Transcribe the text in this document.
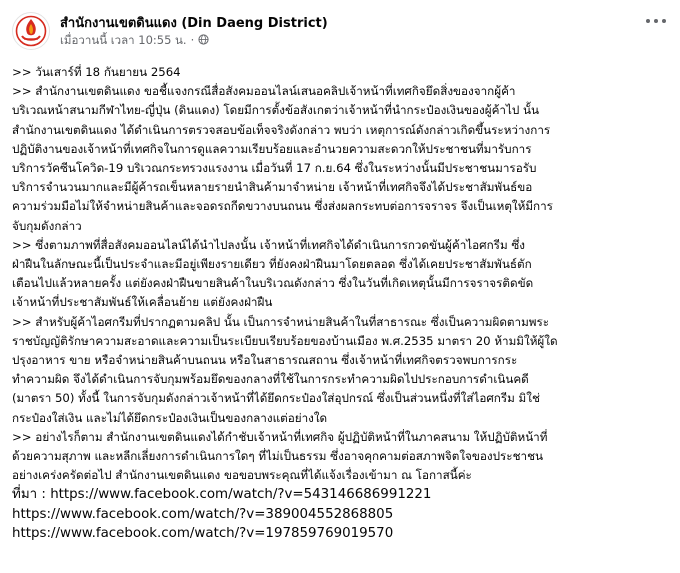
สำนักงานเขตดินแดง (Din Daeng District)
เมื่อวานนี้ เวลา 10:55 น. ·
>> วันเสาร์ที่ 18 กันยายน 2564
>> สำนักงานเขตดินแดง ขอชี้แจงกรณีสื่อสังคมออนไลน์เสนอคลิปเจ้าหน้าที่เทศกิจยึดสิ่งของจากผู้ค้า
บริเวณหน้าสนามกีฬาไทย-ญี่ปุ่น (ดินแดง) โดยมีการตั้งข้อสังเกตว่าเจ้าหน้าที่นำกระป๋องเงินของผู้ค้าไป นั้น
สำนักงานเขตดินแดง ได้ดำเนินการตรวจสอบข้อเท็จจริงดังกล่าว พบว่า เหตุการณ์ดังกล่าวเกิดขึ้นระหว่างการ
ปฏิบัติงานของเจ้าหน้าที่เทศกิจในการดูแลความเรียบร้อยและอำนวยความสะดวกให้ประชาชนที่มารับการ
บริการวัคซีนโควิด-19 บริเวณกระทรวงแรงงาน เมื่อวันที่ 17 ก.ย.64 ซึ่งในระหว่างนั้นมีประชาชนมารอรับ
บริการจำนวนมากและมีผู้ค้ารถเข็นหลายรายนำสินค้ามาจำหน่าย เจ้าหน้าที่เทศกิจจึงได้ประชาสัมพันธ์ขอ
ความร่วมมือไม่ให้จำหน่ายสินค้าและจอดรถกีดขวางบนถนน ซึ่งส่งผลกระทบต่อการจราจร จึงเป็นเหตุให้มีการ
จับกุมดังกล่าว
>> ซึ่งตามภาพที่สื่อสังคมออนไลน์ได้นำไปลงนั้น เจ้าหน้าที่เทศกิจได้ดำเนินการกวดขันผู้ค้าไอศกรีม ซึ่ง
ฝ่าฝืนในลักษณะนี้เป็นประจำและมีอยู่เพียงรายเดียว ที่ยังคงฝ่าฝืนมาโดยตลอด ซึ่งได้เคยประชาสัมพันธ์ตัก
เตือนไปแล้วหลายครั้ง แต่ยังคงฝ่าฝืนขายสินค้าในบริเวณดังกล่าว ซึ่งในวันที่เกิดเหตุนั้นมีการจราจรติดขัด
เจ้าหน้าที่ประชาสัมพันธ์ให้เคลื่อนย้าย แต่ยังคงฝ่าฝืน
>> สำหรับผู้ค้าไอศกรีมที่ปรากฏตามคลิป นั้น เป็นการจำหน่ายสินค้าในที่สาธารณะ ซึ่งเป็นความผิดตามพระ
ราชบัญญัติรักษาความสะอาดและความเป็นระเบียบเรียบร้อยของบ้านเมือง พ.ศ.2535 มาตรา 20 ห้ามมิให้ผู้ใด
ปรุงอาหาร ขาย หรือจำหน่ายสินค้าบนถนน หรือในสาธารณสถาน ซึ่งเจ้าหน้าที่เทศกิจตรวจพบการกระ
ทำความผิด จึงได้ดำเนินการจับกุมพร้อมยึดของกลางที่ใช้ในการกระทำความผิดไปประกอบการดำเนินคดี
(มาตรา 50) ทั้งนี้ ในการจับกุมดังกล่าวเจ้าหน้าที่ได้ยึดกระป๋องใส่อุปกรณ์ ซึ่งเป็นส่วนหนึ่งที่ใส่ไอศกรีม มิใช่
กระป๋องใส่เงิน และไม่ได้ยึดกระป๋องเงินเป็นของกลางแต่อย่างใด
>> อย่างไรก็ตาม สำนักงานเขตดินแดงได้กำชับเจ้าหน้าที่เทศกิจ ผู้ปฏิบัติหน้าที่ในภาคสนาม ให้ปฏิบัติหน้าที่
ด้วยความสุภาพ และหลีกเลี่ยงการดำเนินการใดๆ ที่ไม่เป็นธรรม ซึ่งอาจคุกคามต่อสภาพจิตใจของประชาชน
อย่างเคร่งครัดต่อไป สำนักงานเขตดินแดง ขอขอบพระคุณที่ได้แจ้งเรื่องเข้ามา ณ โอกาสนี้ค่ะ
ที่มา : https://www.facebook.com/watch/?v=543146686991221
https://www.facebook.com/watch/?v=389004552868805
https://www.facebook.com/watch/?v=197859769019570
